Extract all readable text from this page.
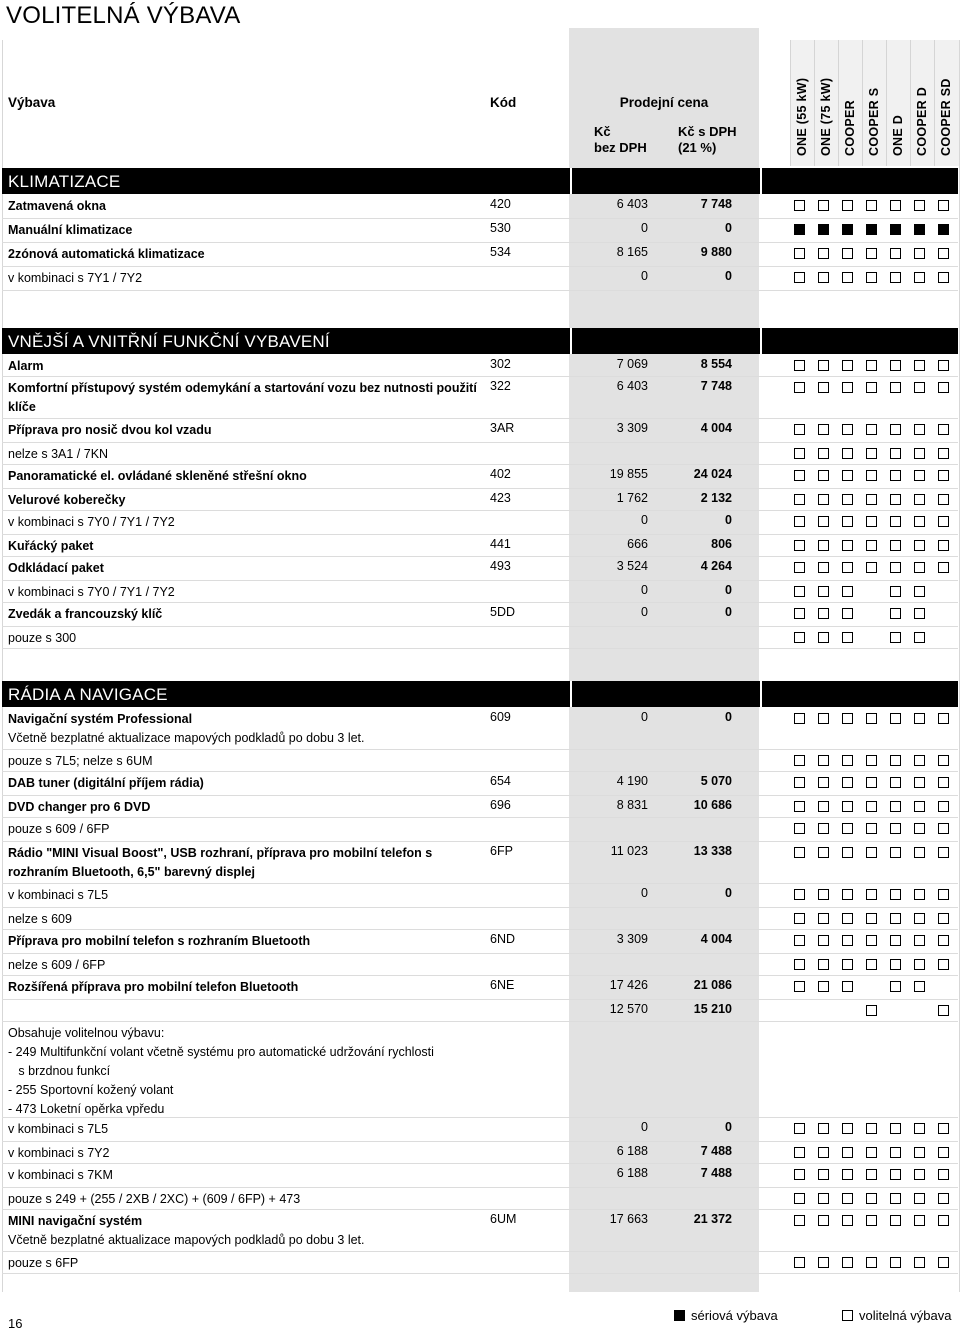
VOLITELNÁ VÝBAVA
Výbava	Kód	Prodejní cena
Kč
bez DPH
Kč s DPH
(21 %)	ONE (55 kW) ONE (75 kW) COOPER COOPER S ONE D COOPER D COOPER SD
KLIMATIZACE
Zatmavená okna	420	6 403	7 748
Manuální klimatizace	530	0	0
2zónová automatická klimatizace	534	8 165	9 880
v kombinaci s 7Y1 / 7Y2	0	0
VNĚJŠÍ A VNITŘNÍ FUNKČNÍ VYBAVENÍ
Alarm	302	7 069	8 554
Komfortní přístupový systém odemykání a startování vozu bez nutnosti použití klíče
322	6 403	7 748
Příprava pro nosič dvou kol vzadu	3AR	3 309	4 004
nelze s 3A1 / 7KN
Panoramatické el. ovládané skleněné střešní okno	402	19 855	24 024
Velurové koberečky	423	1 762	2 132
v kombinaci s 7Y0 / 7Y1 / 7Y2	0	0
Kuřácký paket	441	666	806
Odkládací paket	493	3 524	4 264
v kombinaci s 7Y0 / 7Y1 / 7Y2	0	0
Zvedák a francouzský klíč	5DD	0	0
pouze s 300
RÁDIA A NAVIGACE
Navigační systém Professional
Včetně bezplatné aktualizace mapových podkladů po dobu 3 let.
609	0	0
pouze s 7L5; nelze s 6UM
DAB tuner (digitální příjem rádia)	654	4 190	5 070
DVD changer pro 6 DVD	696	8 831	10 686
pouze s 609 / 6FP
Rádio "MINI Visual Boost", USB rozhraní, příprava pro mobilní telefon s rozhraním Bluetooth, 6,5" barevný displej
6FP	11 023	13 338
v kombinaci s 7L5	0	0
nelze s 609
Příprava pro mobilní telefon s rozhraním Bluetooth	6ND	3 309	4 004
nelze s 609 / 6FP
Rozšířená příprava pro mobilní telefon Bluetooth	6NE	17 426	21 086
12 570	15 210
Obsahuje volitelnou výbavu:
- 249 Multifunkční volant včetně systému pro automatické udržování rychlosti
s brzdnou funkcí
- 255 Sportovní kožený volant
- 473 Loketní opěrka vpředu
v kombinaci s 7L5	0	0
v kombinaci s 7Y2	6 188	7 488
v kombinaci s 7KM	6 188	7 488
pouze s 249 + (255 / 2XB / 2XC) + (609 / 6FP) + 473
MINI navigační systém
Včetně bezplatné aktualizace mapových podkladů po dobu 3 let.
6UM	17 663	21 372
pouze s 6FP
16
sériová výbava	volitelná výbava
